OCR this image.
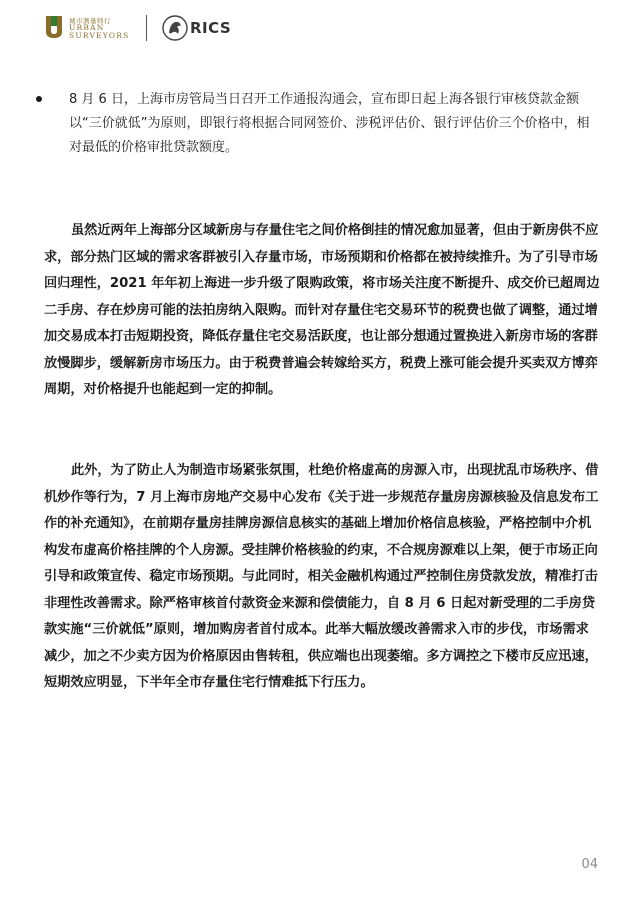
城市测量师行
URBAN
SURVEYORS	RICS

8 月 6 日，上海市房管局当日召开工作通报沟通会，宣布即日起上海各银行审核贷款金额以“三价就低”为原则，即银行将根据合同网签价、涉税评估价、银行评估价三个价格中，相对最低的价格审批贷款额度。

虽然近两年上海部分区域新房与存量住宅之间价格倒挂的情况愈加显著，但由于新房供不应求，部分热门区域的需求客群被引入存量市场，市场预期和价格都在被持续推升。为了引导市场回归理性，2021 年年初上海进一步升级了限购政策，将市场关注度不断提升、成交价已超周边二手房、存在炒房可能的法拍房纳入限购。而针对存量住宅交易环节的税费也做了调整，通过增加交易成本打击短期投资，降低存量住宅交易活跃度，也让部分想通过置换进入新房市场的客群放慢脚步，缓解新房市场压力。由于税费普遍会转嫁给买方，税费上涨可能会提升买卖双方博弈周期，对价格提升也能起到一定的抑制。

此外，为了防止人为制造市场紧张氛围，杜绝价格虚高的房源入市，出现扰乱市场秩序、借机炒作等行为，7 月上海市房地产交易中心发布《关于进一步规范存量房房源核验及信息发布工作的补充通知》，在前期存量房挂牌房源信息核实的基础上增加价格信息核验，严格控制中介机构发布虚高价格挂牌的个人房源。受挂牌价格核验的约束，不合规房源难以上架，便于市场正向引导和政策宣传、稳定市场预期。与此同时，相关金融机构通过严控制住房贷款发放，精准打击非理性改善需求。除严格审核首付款资金来源和偿债能力，自 8 月 6 日起对新受理的二手房贷款实施“三价就低”原则，增加购房者首付成本。此举大幅放缓改善需求入市的步伐，市场需求减少，加之不少卖方因为价格原因由售转租，供应端也出现萎缩。多方调控之下楼市反应迅速，短期效应明显，下半年全市存量住宅行情难抵下行压力。

04
